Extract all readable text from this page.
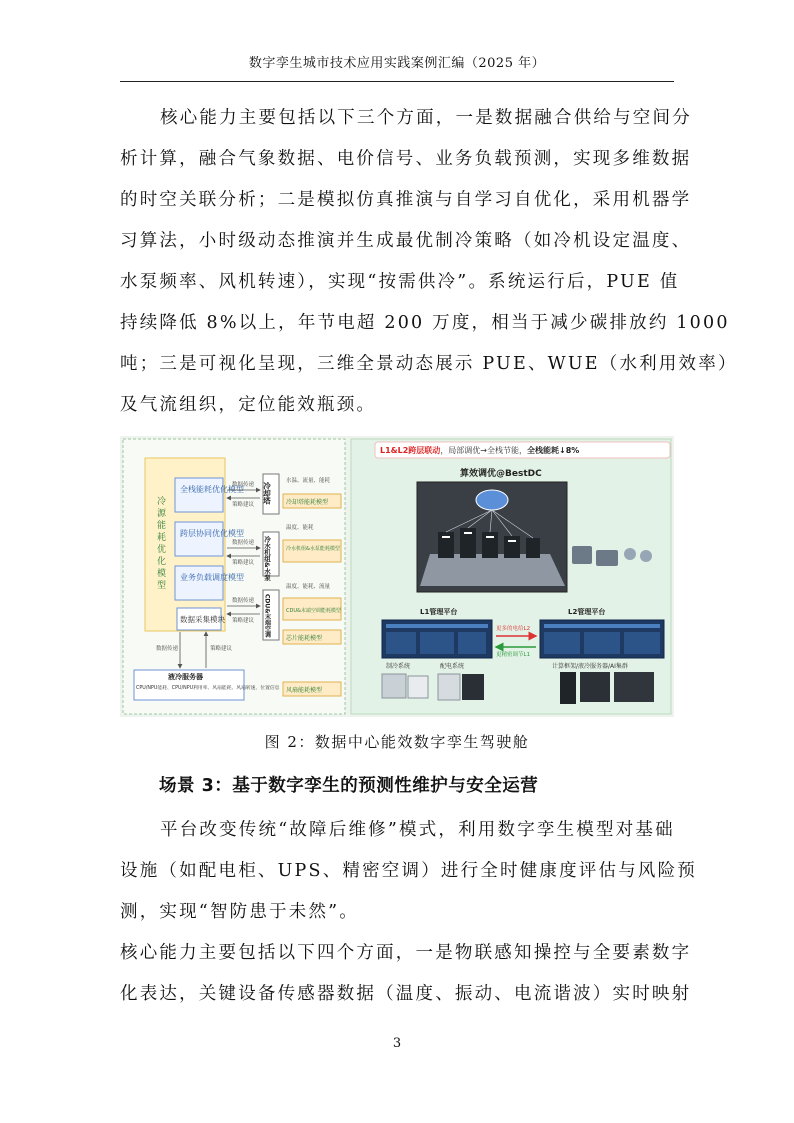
数字孪生城市技术应用实践案例汇编（2025 年）
核心能力主要包括以下三个方面，一是数据融合供给与空间分
析计算，融合气象数据、电价信号、业务负载预测，实现多维数据
的时空关联分析；二是模拟仿真推演与自学习自优化，采用机器学
习算法，小时级动态推演并生成最优制冷策略（如冷机设定温度、
水泵频率、风机转速），实现“按需供冷”。系统运行后，PUE 值
持续降低 8%以上，年节电超 200 万度，相当于减少碳排放约 1000
吨；三是可视化呈现，三维全景动态展示 PUE、WUE（水利用效率）
及气流组织，定位能效瓶颈。
冷源能耗优化模型
全栈能耗优化模型
跨层协同优化模型
业务负载调度模型
数据采集模块
数据传递
策略建议
数据传递
策略建议
数据传递
策略建议
冷却塔
冷水机组&水泵
CDU&末端空调
水温、流量、能耗
温度、能耗
温度、能耗、流量
冷却塔能耗模型
冷水机组&水泵能耗模型
CDU&末端空调能耗模型
芯片能耗模型
风扇能耗模型
数据传递	策略建议
液冷服务器
CPU/NPU能耗、CPU/NPU利用率、风扇能耗、风扇转速、位置信息
L1&L2跨层联动，局部调优→全栈节能，全栈能耗↓8%
算效调优@BestDC
L1管理平台	L2管理平台
更多的电给L2
更精密调节L1
制冷系统	配电系统	计算框架/液冷服务器/AI集群
图 2：数据中心能效数字孪生驾驶舱
场景 3：基于数字孪生的预测性维护与安全运营
平台改变传统“故障后维修”模式，利用数字孪生模型对基础
设施（如配电柜、UPS、精密空调）进行全时健康度评估与风险预
测，实现“智防患于未然”。
核心能力主要包括以下四个方面，一是物联感知操控与全要素数字
化表达，关键设备传感器数据（温度、振动、电流谐波）实时映射
3
